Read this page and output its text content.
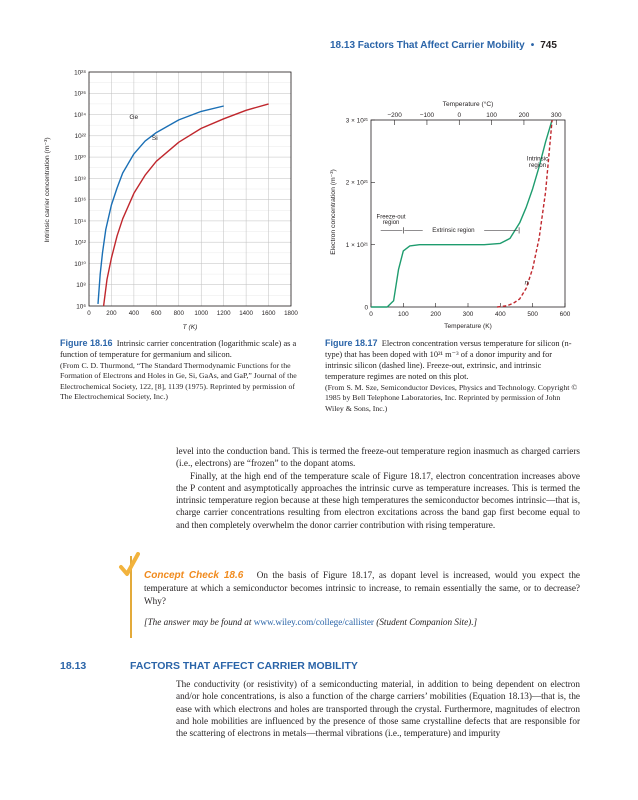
18.13 Factors That Affect Carrier Mobility • 745
10⁶
10⁸
10¹⁰
10¹²
10¹⁴
10¹⁶
10¹⁸
10²⁰
10²²
10²⁴
10²⁶
10²⁸
0	200 400 600 800 1000 1200 1400 1600 1800
Ge
Si
T (K)
Intrinsic carrier concentration (m⁻³)
0	100	200	300	400	500	600
−200	−100	0	100	200	300
0
1 × 10²¹
2 × 10²¹
3 × 10²¹
Intrinsic
region
Freeze-out
region
Extrinsic region
nᵢ
Temperature (°C)
Temperature (K)
Electron concentration (m⁻³)
Figure 18.16 Intrinsic carrier concentration (logarithmic scale) as a function of temperature for germanium and silicon.
(From C. D. Thurmond, “The Standard Thermodynamic Functions for the Formation of Electrons and Holes in Ge, Si, GaAs, and GaP,” Journal of the Electrochemical Society, 122, [8], 1139 (1975). Reprinted by permission of The Electrochemical Society, Inc.)
Figure 18.17 Electron concentration versus temperature for silicon (n-type) that has been doped with 10²¹ m⁻³ of a donor impurity and for intrinsic silicon (dashed line). Freeze-out, extrinsic, and intrinsic temperature regimes are noted on this plot.
(From S. M. Sze, Semiconductor Devices, Physics and Technology. Copyright © 1985 by Bell Telephone Laboratories, Inc. Reprinted by permission of John Wiley & Sons, Inc.)

level into the conduction band. This is termed the freeze-out temperature region inasmuch as charged carriers (i.e., electrons) are “frozen” to the dopant atoms.

Finally, at the high end of the temperature scale of Figure 18.17, electron concentration increases above the P content and asymptotically approaches the intrinsic curve as temperature increases. This is termed the intrinsic temperature region because at these high temperatures the semiconductor becomes intrinsic—that is, charge carrier concentrations resulting from electron excitations across the band gap first become equal to and then completely overwhelm the donor carrier contribution with rising temperature.

Concept Check 18.6 On the basis of Figure 18.17, as dopant level is increased, would you expect the temperature at which a semiconductor becomes intrinsic to increase, to remain essentially the same, or to decrease? Why?
[The answer may be found at www.wiley.com/college/callister (Student Companion Site).]
18.13	FACTORS THAT AFFECT CARRIER MOBILITY

The conductivity (or resistivity) of a semiconducting material, in addition to being dependent on electron and/or hole concentrations, is also a function of the charge carriers’ mobilities (Equation 18.13)—that is, the ease with which electrons and holes are transported through the crystal. Furthermore, magnitudes of electron and hole mobilities are influenced by the presence of those same crystalline defects that are responsible for the scattering of electrons in metals—thermal vibrations (i.e., temperature) and impurity
